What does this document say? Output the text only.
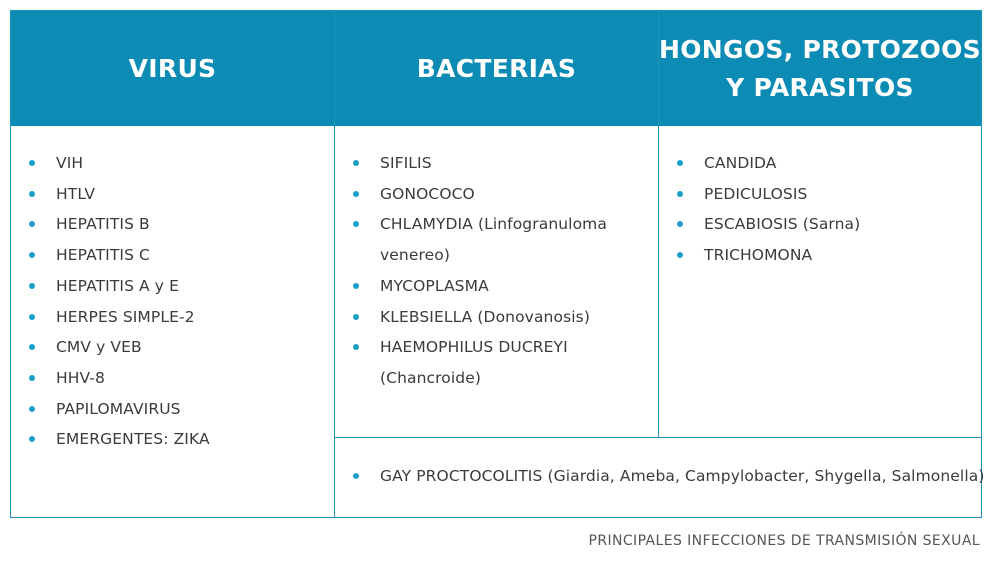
VIRUS	BACTERIAS
HONGOS, PROTOZOOS
Y PARASITOS
VIH
HTLV
HEPATITIS B
HEPATITIS C
HEPATITIS A y E
HERPES SIMPLE-2
CMV y VEB
HHV-8
PAPILOMAVIRUS
EMERGENTES: ZIKA
SIFILIS
GONOCOCO
CHLAMYDIA (Linfogranuloma venereo)
MYCOPLASMA
KLEBSIELLA (Donovanosis)
HAEMOPHILUS DUCREYI (Chancroide)
CANDIDA
PEDICULOSIS
ESCABIOSIS (Sarna)
TRICHOMONA
GAY PROCTOCOLITIS (Giardia, Ameba, Campylobacter, Shygella, Salmonella)
PRINCIPALES INFECCIONES DE TRANSMISIÓN SEXUAL
